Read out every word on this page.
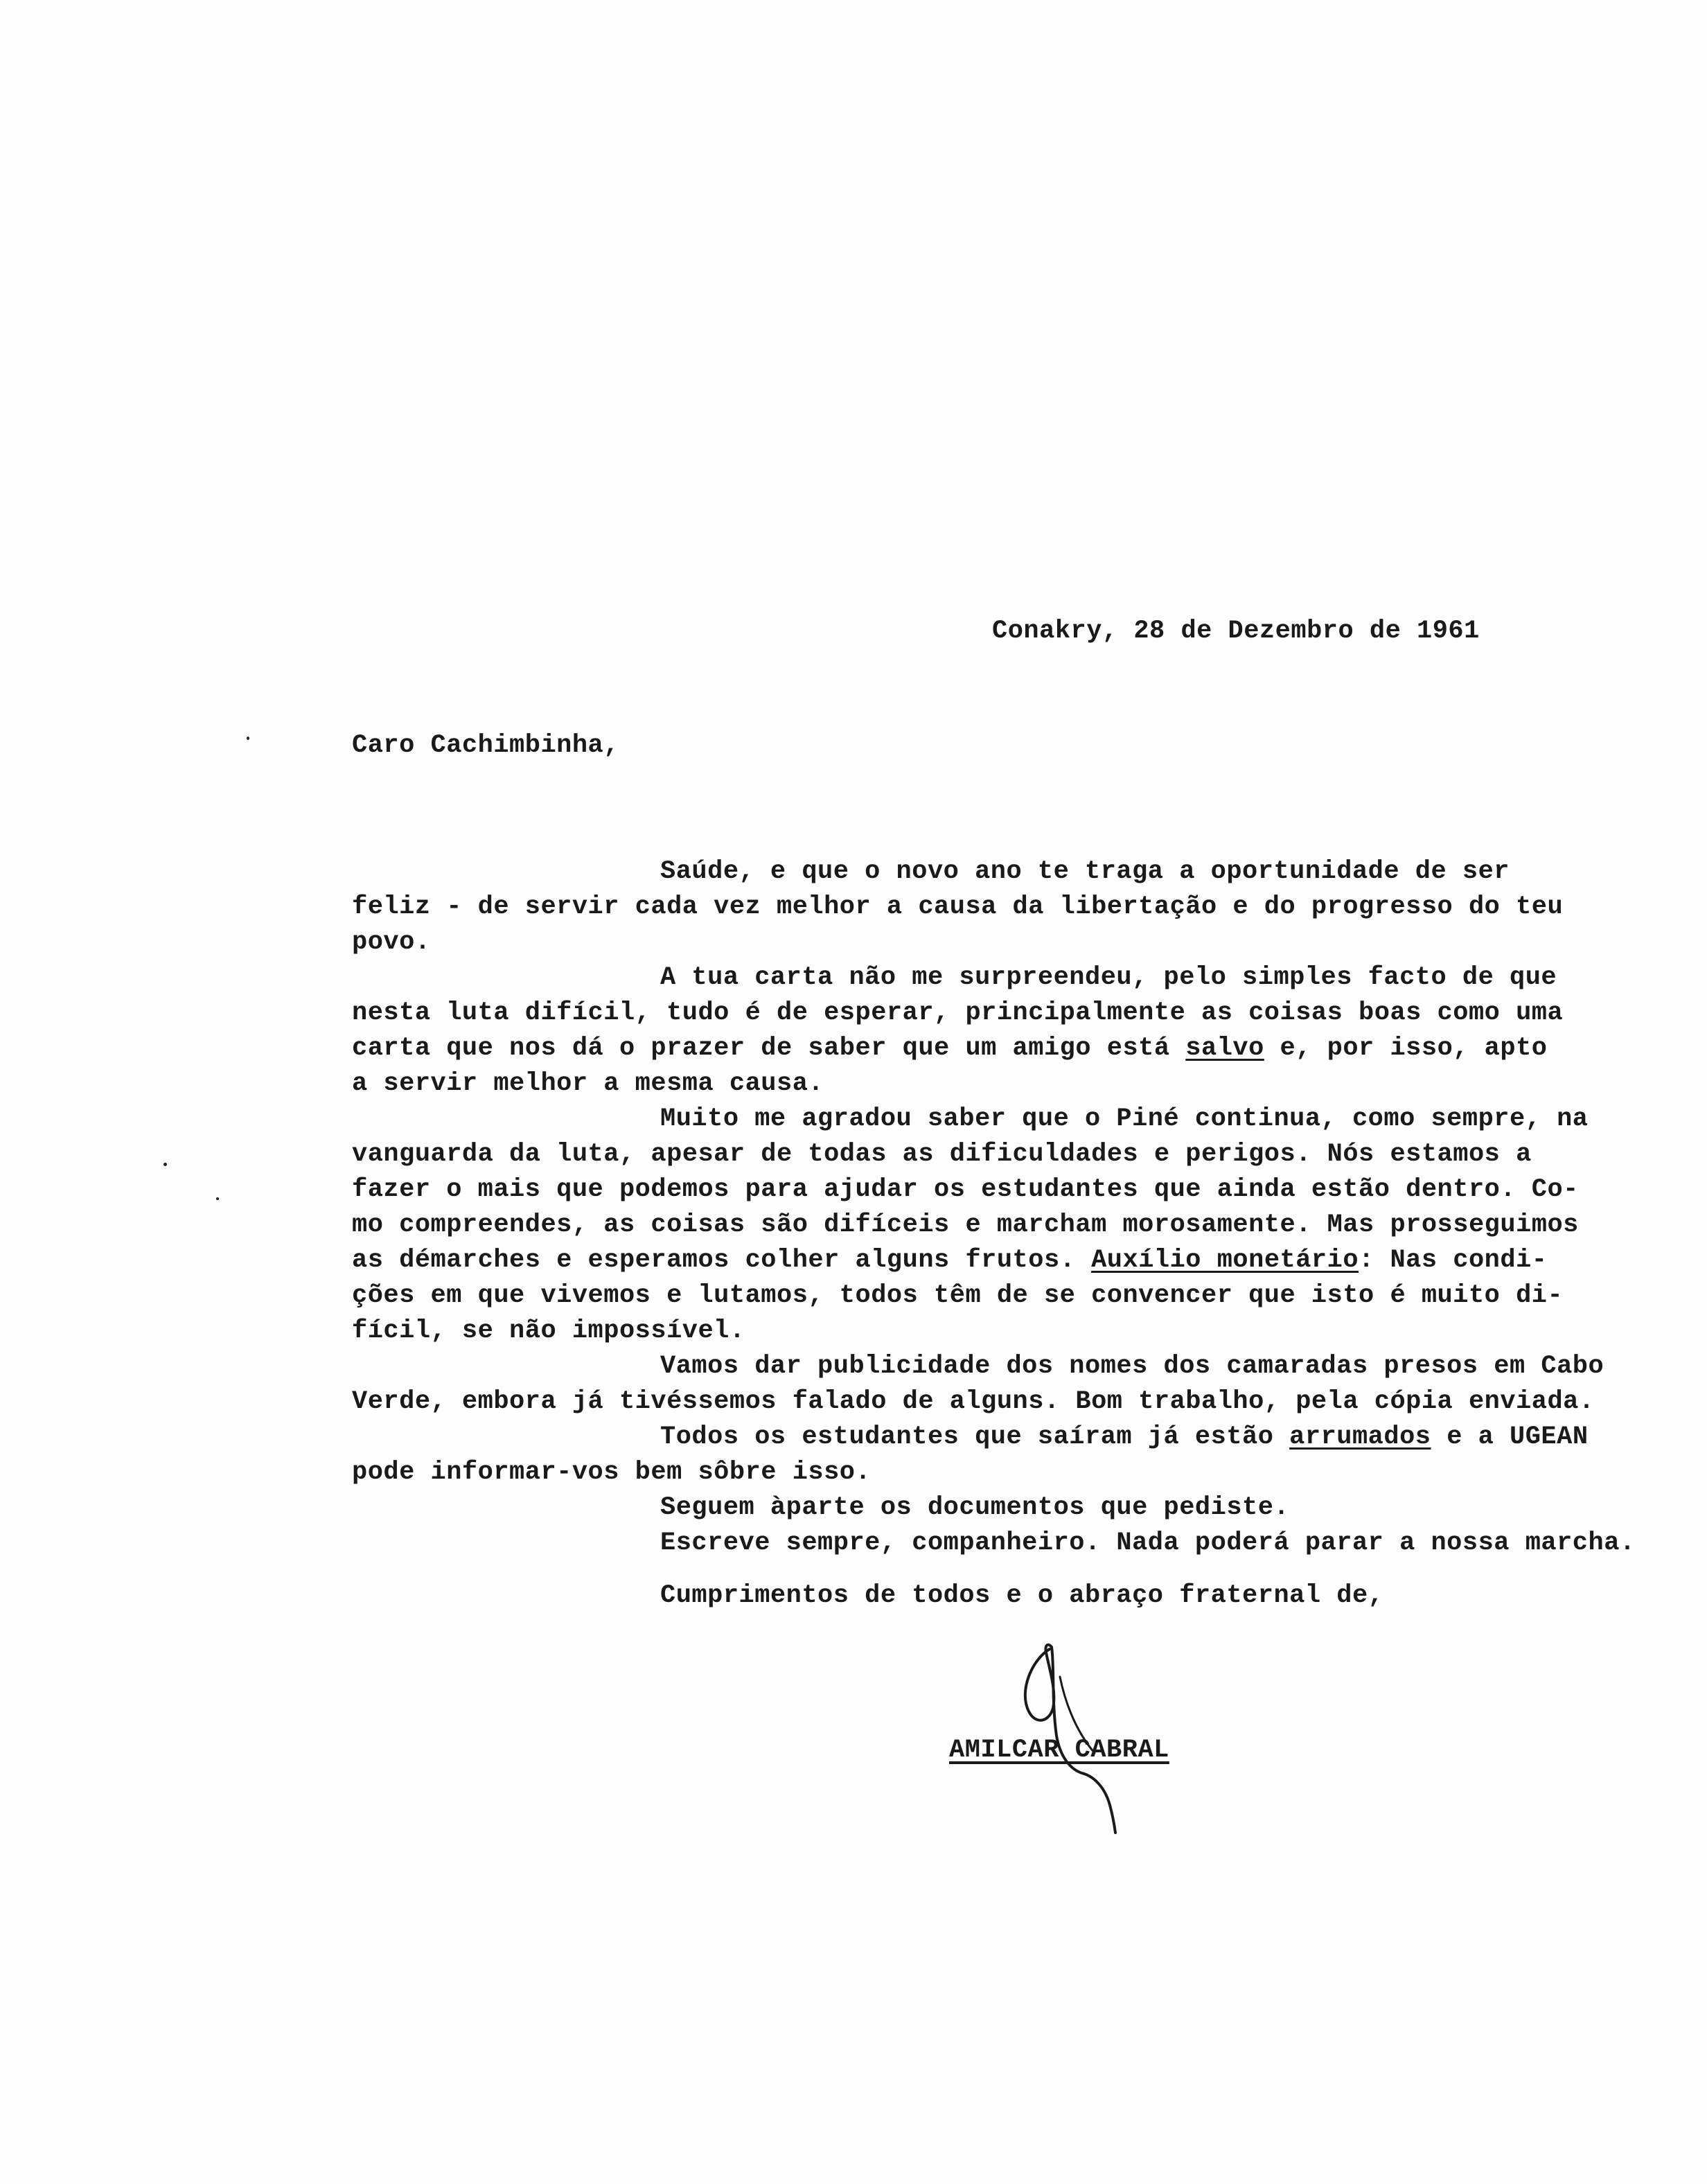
Conakry, 28 de Dezembro de 1961
Caro Cachimbinha,
Saúde, e que o novo ano te traga a oportunidade de ser
feliz - de servir cada vez melhor a causa da libertação e do progresso do teu
povo.
A tua carta não me surpreendeu, pelo simples facto de que
nesta luta difícil, tudo é de esperar, principalmente as coisas boas como uma
carta que nos dá o prazer de saber que um amigo está salvo e, por isso, apto
a servir melhor a mesma causa.
Muito me agradou saber que o Piné continua, como sempre, na
vanguarda da luta, apesar de todas as dificuldades e perigos. Nós estamos a
fazer o mais que podemos para ajudar os estudantes que ainda estão dentro. Co-
mo compreendes, as coisas são difíceis e marcham morosamente. Mas prosseguimos
as démarches e esperamos colher alguns frutos. Auxílio monetário: Nas condi-
ções em que vivemos e lutamos, todos têm de se convencer que isto é muito di-
fícil, se não impossível.
Vamos dar publicidade dos nomes dos camaradas presos em Cabo
Verde, embora já tivéssemos falado de alguns. Bom trabalho, pela cópia enviada.
Todos os estudantes que saíram já estão arrumados e a UGEAN
pode informar-vos bem sôbre isso.
Seguem àparte os documentos que pediste.
Escreve sempre, companheiro. Nada poderá parar a nossa marcha.
Cumprimentos de todos e o abraço fraternal de,
AMILCAR CABRAL
